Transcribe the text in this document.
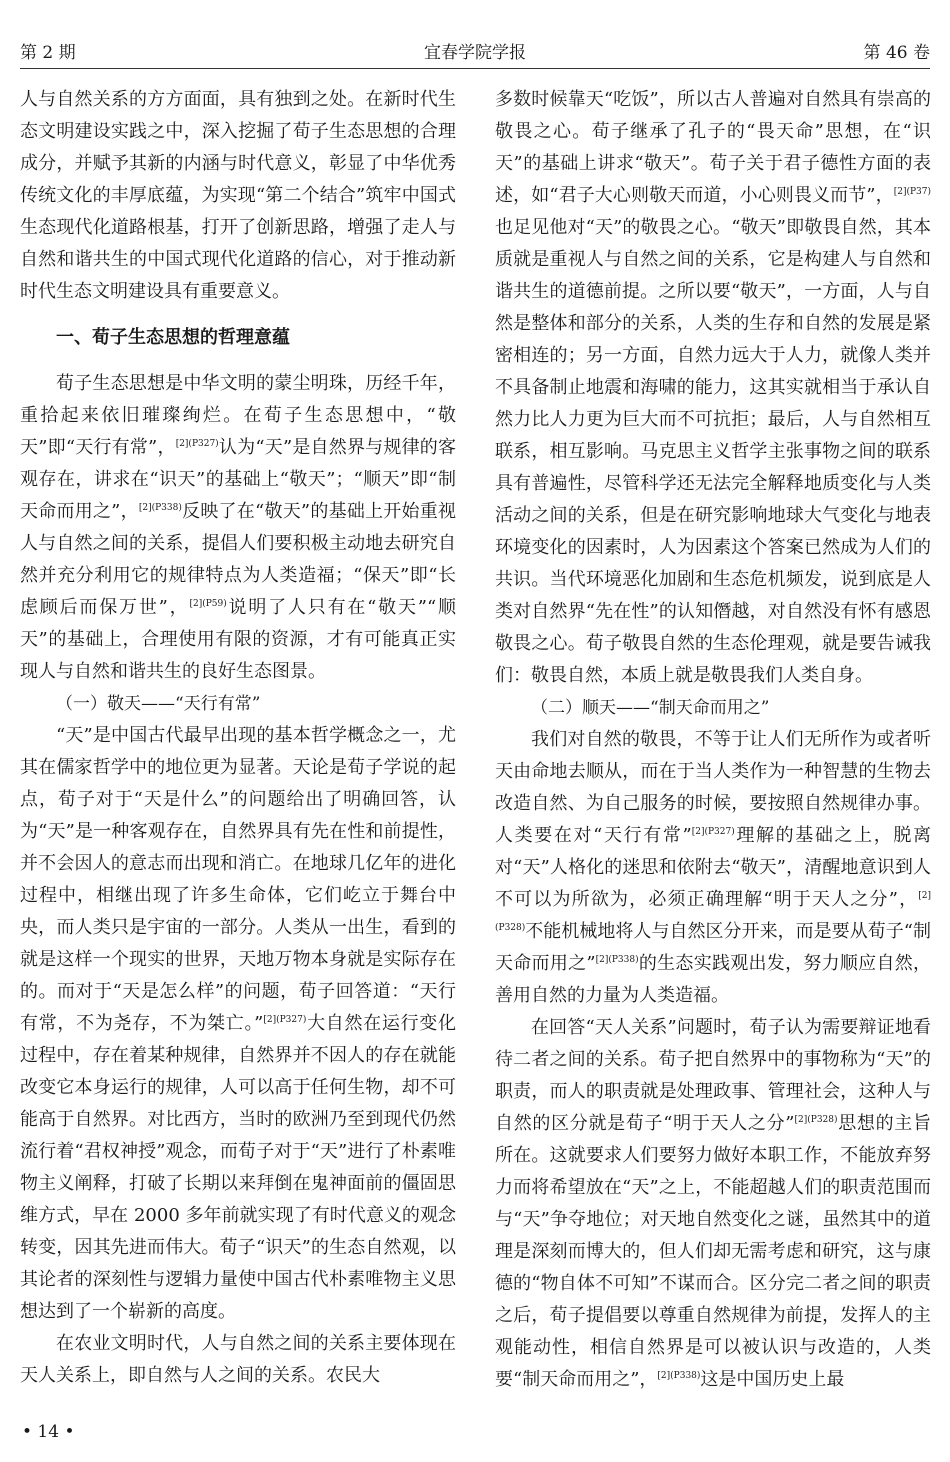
第 2 期	宜春学院学报	第 46 卷

人与自然关系的方方面面，具有独到之处。在新时代生态文明建设实践之中，深入挖掘了荀子生态思想的合理成分，并赋予其新的内涵与时代意义，彰显了中华优秀传统文化的丰厚底蕴，为实现“第二个结合”筑牢中国式生态现代化道路根基，打开了创新思路，增强了走人与自然和谐共生的中国式现代化道路的信心，对于推动新时代生态文明建设具有重要意义。

一、荀子生态思想的哲理意蕴

荀子生态思想是中华文明的蒙尘明珠，历经千年，重拾起来依旧璀璨绚烂。在荀子生态思想中，“敬天”即“天行有常”，$^{[2](P327)}$认为“天”是自然界与规律的客观存在，讲求在“识天”的基础上“敬天”；“顺天”即“制天命而用之”，$^{[2](P338)}$反映了在“敬天”的基础上开始重视人与自然之间的关系，提倡人们要积极主动地去研究自然并充分利用它的规律特点为人类造福；“保天”即“长虑顾后而保万世”，$^{[2](P59)}$说明了人只有在“敬天”“顺天”的基础上，合理使用有限的资源，才有可能真正实现人与自然和谐共生的良好生态图景。

（一）敬天——“天行有常”

“天”是中国古代最早出现的基本哲学概念之一，尤其在儒家哲学中的地位更为显著。天论是荀子学说的起点，荀子对于“天是什么”的问题给出了明确回答，认为“天”是一种客观存在，自然界具有先在性和前提性，并不会因人的意志而出现和消亡。在地球几亿年的进化过程中，相继出现了许多生命体，它们屹立于舞台中央，而人类只是宇宙的一部分。人类从一出生，看到的就是这样一个现实的世界，天地万物本身就是实际存在的。而对于“天是怎么样”的问题，荀子回答道：“天行有常，不为尧存，不为桀亡。”$^{[2](P327)}$大自然在运行变化过程中，存在着某种规律，自然界并不因人的存在就能改变它本身运行的规律，人可以高于任何生物，却不可能高于自然界。对比西方，当时的欧洲乃至到现代仍然流行着“君权神授”观念，而荀子对于“天”进行了朴素唯物主义阐释，打破了长期以来拜倒在鬼神面前的僵固思维方式，早在 2000 多年前就实现了有时代意义的观念转变，因其先进而伟大。荀子“识天”的生态自然观，以其论者的深刻性与逻辑力量使中国古代朴素唯物主义思想达到了一个崭新的高度。

在农业文明时代，人与自然之间的关系主要体现在天人关系上，即自然与人之间的关系。农民大

多数时候靠天“吃饭”，所以古人普遍对自然具有崇高的敬畏之心。荀子继承了孔子的“畏天命”思想，在“识天”的基础上讲求“敬天”。荀子关于君子德性方面的表述，如“君子大心则敬天而道，小心则畏义而节”，$^{[2](P37)}$也足见他对“天”的敬畏之心。“敬天”即敬畏自然，其本质就是重视人与自然之间的关系，它是构建人与自然和谐共生的道德前提。之所以要“敬天”，一方面，人与自然是整体和部分的关系，人类的生存和自然的发展是紧密相连的；另一方面，自然力远大于人力，就像人类并不具备制止地震和海啸的能力，这其实就相当于承认自然力比人力更为巨大而不可抗拒；最后，人与自然相互联系，相互影响。马克思主义哲学主张事物之间的联系具有普遍性，尽管科学还无法完全解释地质变化与人类活动之间的关系，但是在研究影响地球大气变化与地表环境变化的因素时，人为因素这个答案已然成为人们的共识。当代环境恶化加剧和生态危机频发，说到底是人类对自然界“先在性”的认知僭越，对自然没有怀有感恩敬畏之心。荀子敬畏自然的生态伦理观，就是要告诫我们：敬畏自然，本质上就是敬畏我们人类自身。

（二）顺天——“制天命而用之”

我们对自然的敬畏，不等于让人们无所作为或者听天由命地去顺从，而在于当人类作为一种智慧的生物去改造自然、为自己服务的时候，要按照自然规律办事。人类要在对“天行有常”$^{[2](P327)}$理解的基础之上，脱离对“天”人格化的迷思和依附去“敬天”，清醒地意识到人不可以为所欲为，必须正确理解“明于天人之分”，$^{[2](P328)}$不能机械地将人与自然区分开来，而是要从荀子“制天命而用之”$^{[2](P338)}$的生态实践观出发，努力顺应自然，善用自然的力量为人类造福。

在回答“天人关系”问题时，荀子认为需要辩证地看待二者之间的关系。荀子把自然界中的事物称为“天”的职责，而人的职责就是处理政事、管理社会，这种人与自然的区分就是荀子“明于天人之分”$^{[2](P328)}$思想的主旨所在。这就要求人们要努力做好本职工作，不能放弃努力而将希望放在“天”之上，不能超越人们的职责范围而与“天”争夺地位；对天地自然变化之谜，虽然其中的道理是深刻而博大的，但人们却无需考虑和研究，这与康德的“物自体不可知”不谋而合。区分完二者之间的职责之后，荀子提倡要以尊重自然规律为前提，发挥人的主观能动性，相信自然界是可以被认识与改造的，人类要“制天命而用之”，$^{[2](P338)}$这是中国历史上最

• 14 •
